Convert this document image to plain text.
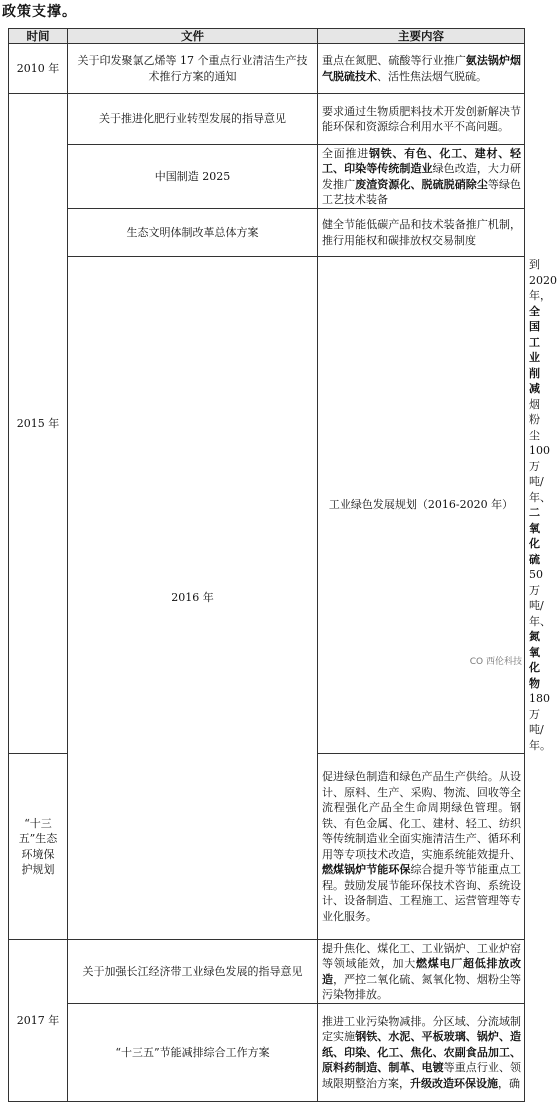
政策支撑。
时间	文件	主要内容	
2010 年	关于印发聚氯乙烯等 17 个重点行业清洁生产技术推行方案的通知	重点在氮肥、硫酸等行业推广氨法锅炉烟气脱硫技术、活性焦法烟气脱硫。	
2015 年	关于推进化肥行业转型发展的指导意见	要求通过生物质肥料技术开发创新解决节能环保和资源综合利用水平不高问题。	
	中国制造 2025	全面推进钢铁、有色、化工、建材、轻工、印染等传统制造业绿色改造，大力研发推广废渣资源化、脱硫脱硝除尘等绿色工艺技术装备	
	生态文明体制改革总体方案	健全节能低碳产品和技术装备推广机制，推行用能权和碳排放权交易制度	
	2016 年	工业绿色发展规划（2016-2020 年）	到 2020 年，全国工业削减烟粉尘 100 万吨/年、二氧化硫 50 万吨/年、氮氧化物 180 万吨/年。
“十三五”生态环境保护规划		促进绿色制造和绿色产品生产供给。从设计、原料、生产、采购、物流、回收等全流程强化产品全生命周期绿色管理。钢铁、有色金属、化工、建材、轻工、纺织等传统制造业全面实施清洁生产、循环利用等专项技术改造，实施系统能效提升、燃煤锅炉节能环保综合提升等节能重点工程。鼓励发展节能环保技术咨询、系统设计、设备制造、工程施工、运营管理等专业化服务。	
2017 年	关于加强长江经济带工业绿色发展的指导意见	提升焦化、煤化工、工业锅炉、工业炉窑等领域能效，加大燃煤电厂超低排放改造，严控二氧化硫、氮氧化物、烟粉尘等污染物排放。	
	“十三五”节能减排综合工作方案	推进工业污染物减排。分区域、分流域制定实施钢铁、水泥、平板玻璃、锅炉、造纸、印染、化工、焦化、农副食品加工、原料药制造、制革、电镀等重点行业、领域限期整治方案，升级改造环保设施，确	
CO 西伦科技
